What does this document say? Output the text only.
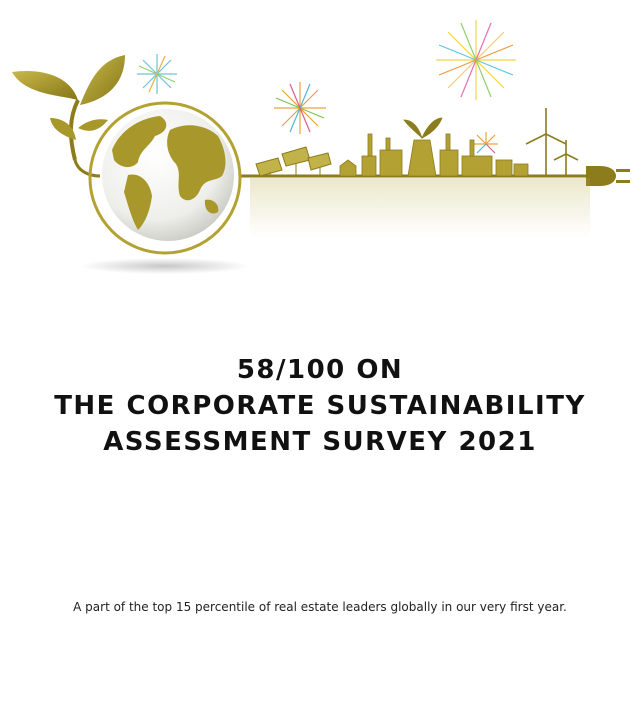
58/100 ON
THE CORPORATE SUSTAINABILITY
ASSESSMENT SURVEY 2021

A part of the top 15 percentile of real estate leaders globally in our very first year.
